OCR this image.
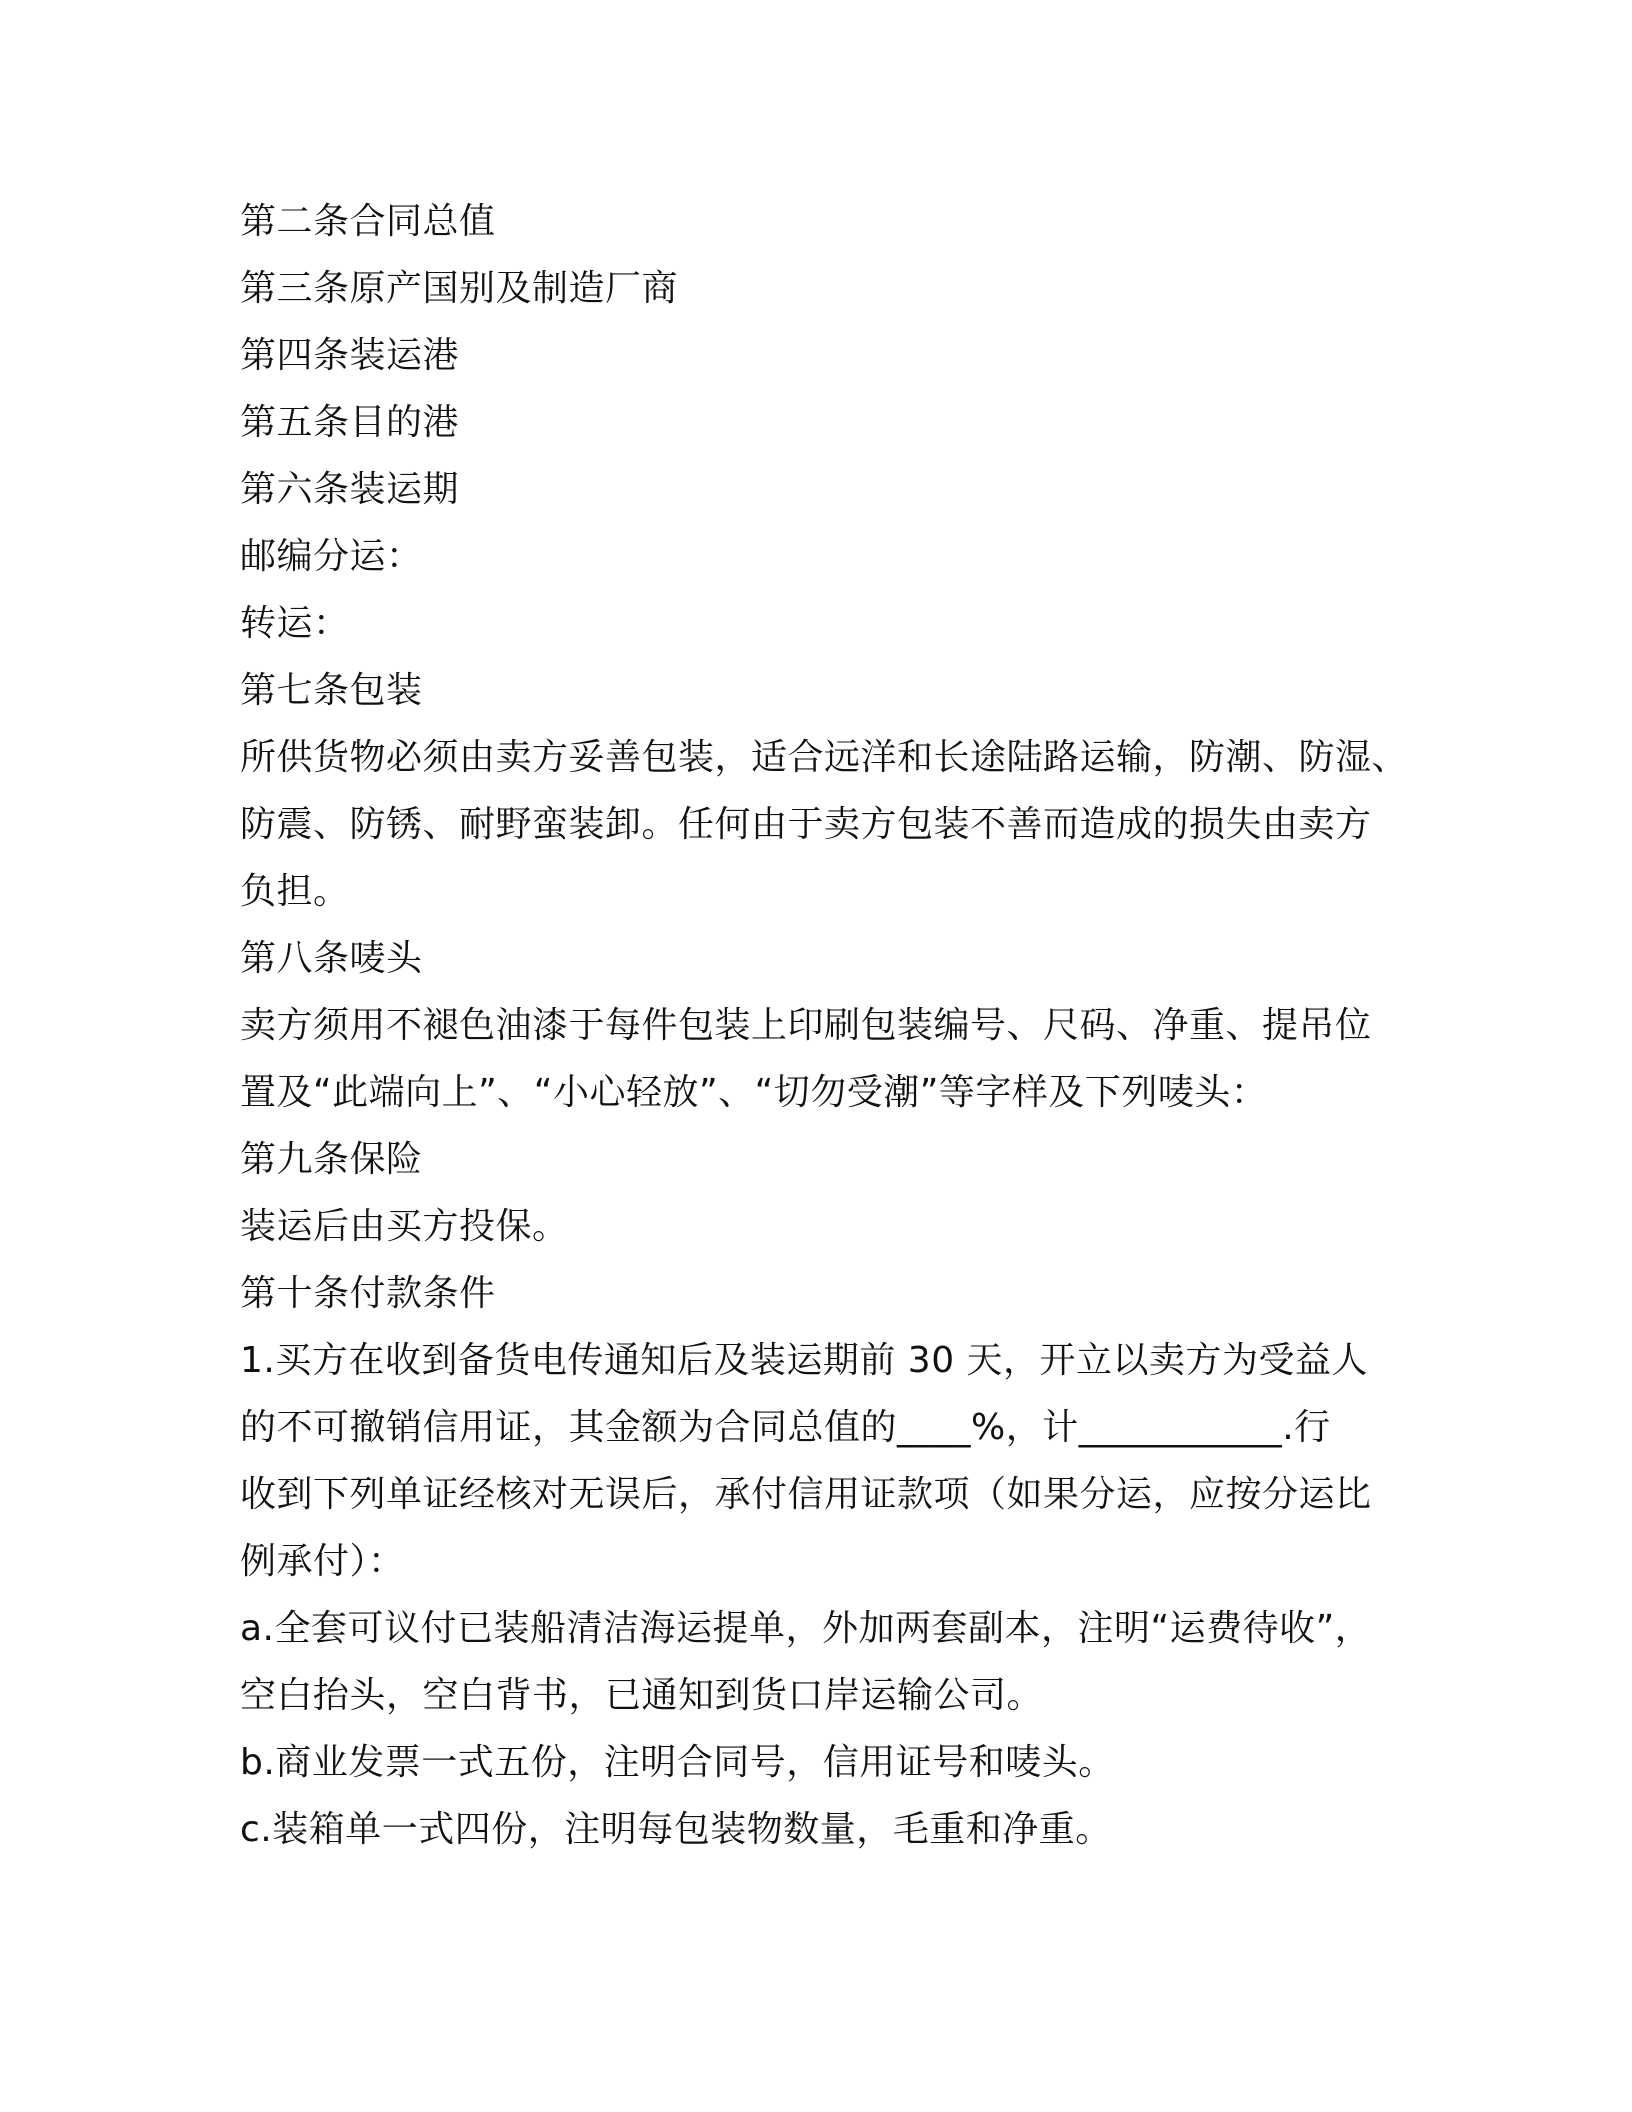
第二条合同总值
第三条原产国别及制造厂商
第四条装运港
第五条目的港
第六条装运期
邮编分运：
转运：
第七条包装
所供货物必须由卖方妥善包装，适合远洋和长途陆路运输，防潮、防湿、
防震、防锈、耐野蛮装卸。任何由于卖方包装不善而造成的损失由卖方
负担。
第八条唛头
卖方须用不褪色油漆于每件包装上印刷包装编号、尺码、净重、提吊位
置及“此端向上”、“小心轻放”、“切勿受潮”等字样及下列唛头：
第九条保险
装运后由买方投保。
第十条付款条件
1.买方在收到备货电传通知后及装运期前 30 天，开立以卖方为受益人
的不可撤销信用证，其金额为合同总值的____%，计___________.行
收到下列单证经核对无误后，承付信用证款项（如果分运，应按分运比
例承付）：
a.全套可议付已装船清洁海运提单，外加两套副本，注明“运费待收”，
空白抬头，空白背书，已通知到货口岸运输公司。
b.商业发票一式五份，注明合同号，信用证号和唛头。
c.装箱单一式四份，注明每包装物数量，毛重和净重。
